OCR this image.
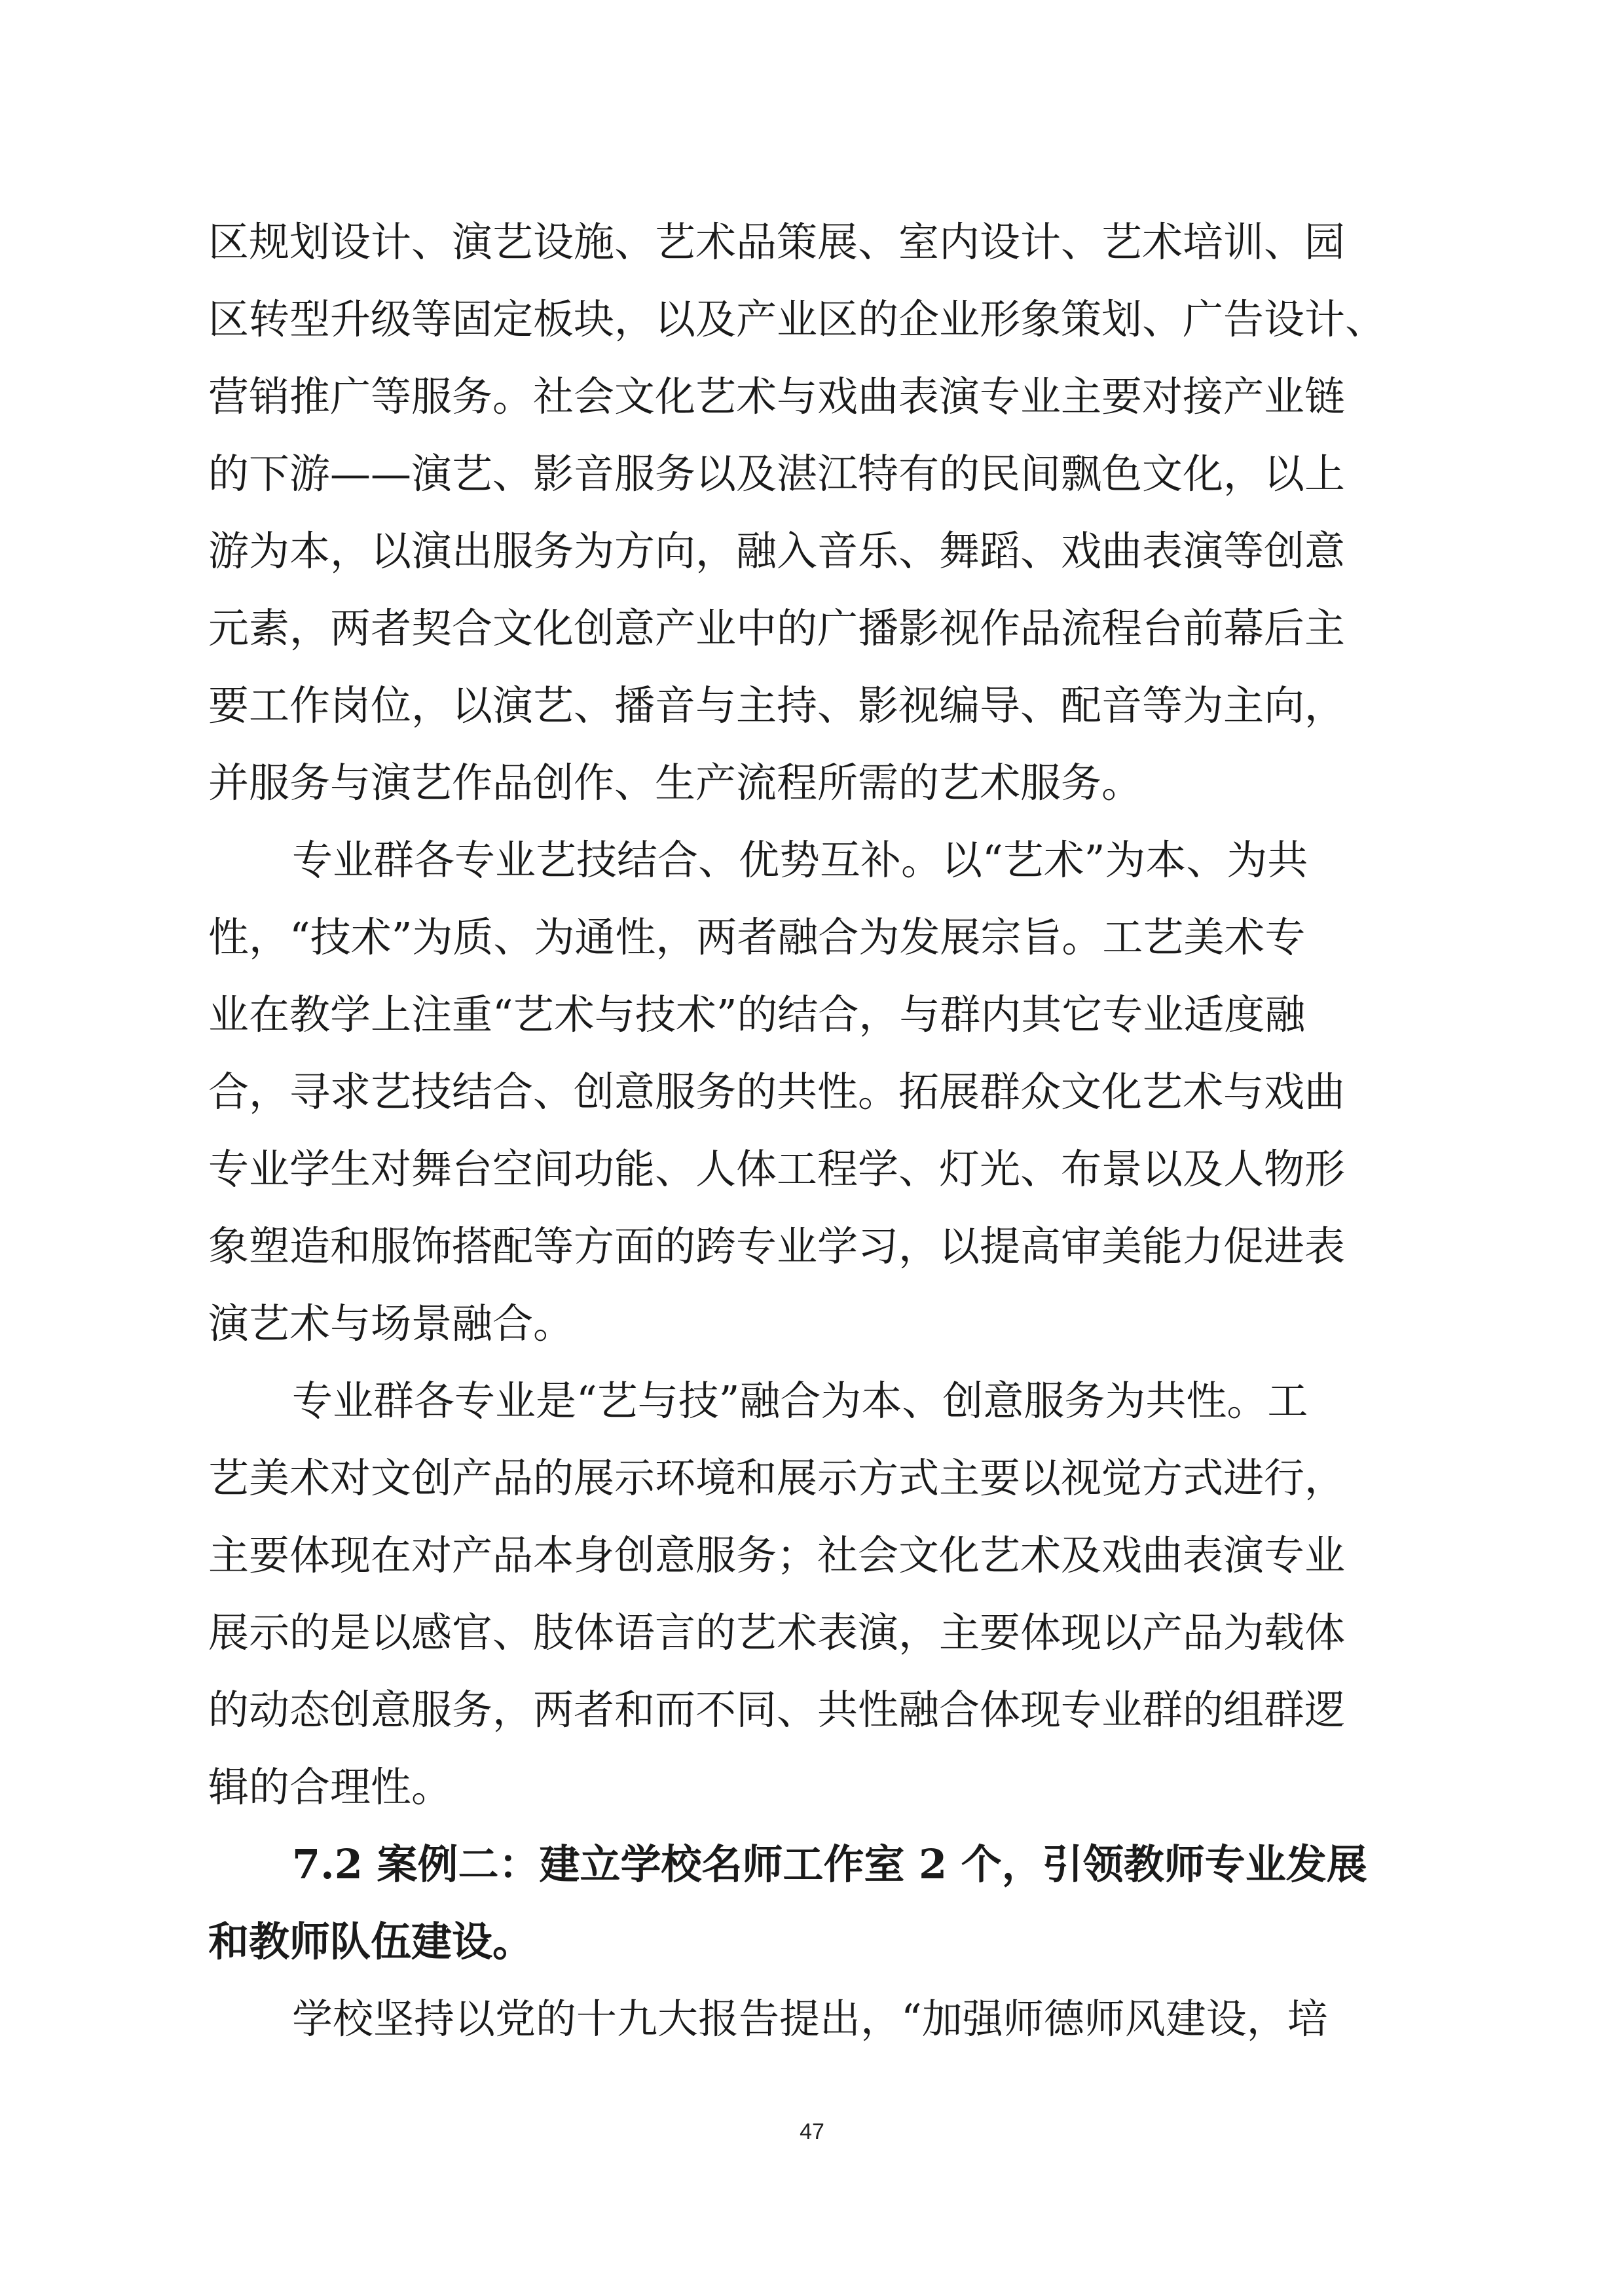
区规划设计、演艺设施、艺术品策展、室内设计、艺术培训、园
区转型升级等固定板块，以及产业区的企业形象策划、广告设计、
营销推广等服务。社会文化艺术与戏曲表演专业主要对接产业链
的下游——演艺、影音服务以及湛江特有的民间飘色文化，以上
游为本，以演出服务为方向，融入音乐、舞蹈、戏曲表演等创意
元素，两者契合文化创意产业中的广播影视作品流程台前幕后主
要工作岗位，以演艺、播音与主持、影视编导、配音等为主向，
并服务与演艺作品创作、生产流程所需的艺术服务。
专业群各专业艺技结合、优势互补。以“艺术”为本、为共
性，“技术”为质、为通性，两者融合为发展宗旨。工艺美术专
业在教学上注重“艺术与技术”的结合，与群内其它专业适度融
合，寻求艺技结合、创意服务的共性。拓展群众文化艺术与戏曲
专业学生对舞台空间功能、人体工程学、灯光、布景以及人物形
象塑造和服饰搭配等方面的跨专业学习，以提高审美能力促进表
演艺术与场景融合。
专业群各专业是“艺与技”融合为本、创意服务为共性。工
艺美术对文创产品的展示环境和展示方式主要以视觉方式进行，
主要体现在对产品本身创意服务；社会文化艺术及戏曲表演专业
展示的是以感官、肢体语言的艺术表演，主要体现以产品为载体
的动态创意服务，两者和而不同、共性融合体现专业群的组群逻
辑的合理性。
7.2 案例二：建立学校名师工作室 2 个，引领教师专业发展
和教师队伍建设。
学校坚持以党的十九大报告提出，“加强师德师风建设，培
47
